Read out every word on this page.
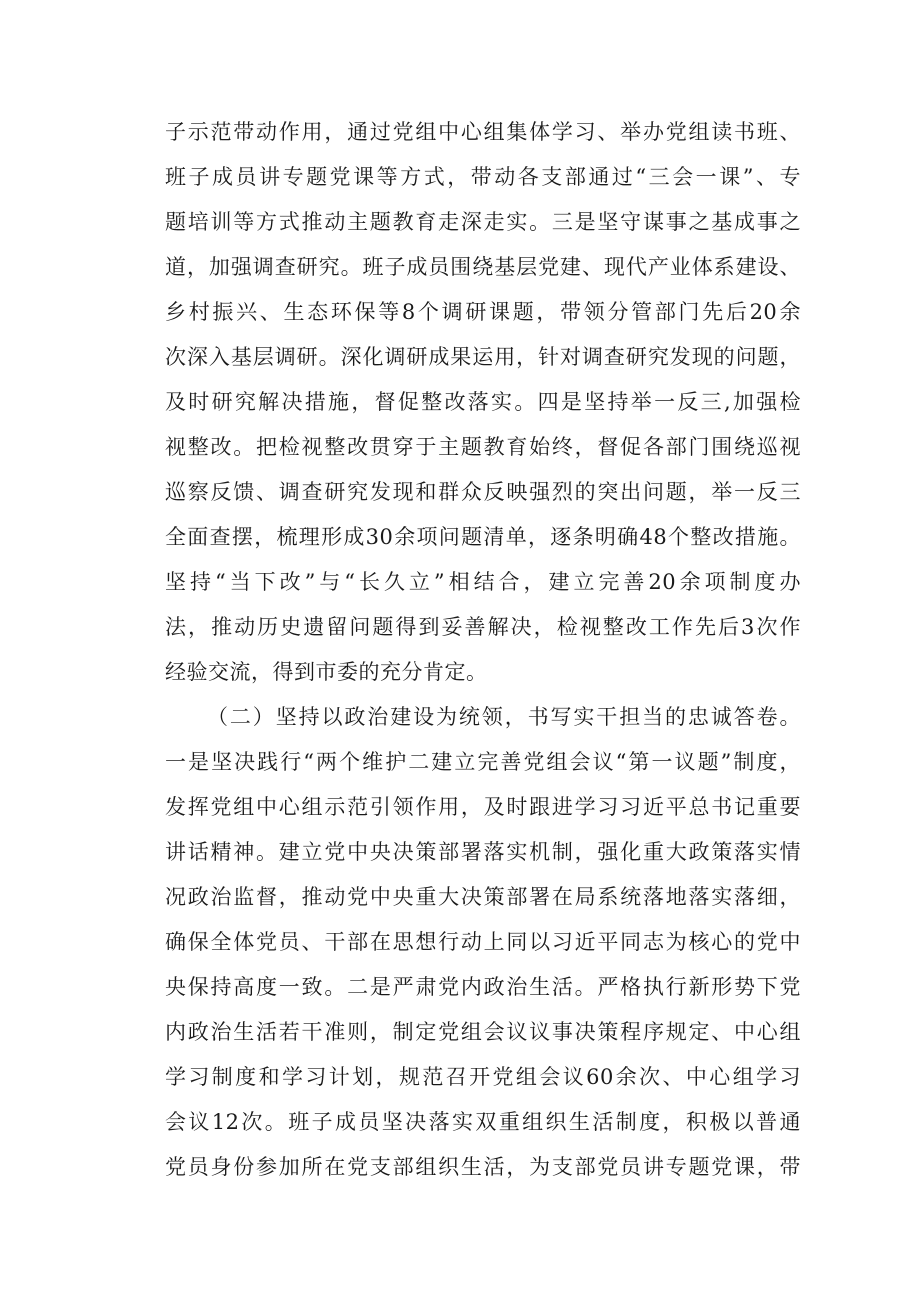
子示范带动作用，通过党组中心组集体学习、举办党组读书班、
班子成员讲专题党课等方式，带动各支部通过“三会一课”、专
题培训等方式推动主题教育走深走实。三是坚守谋事之基成事之
道，加强调查研究。班子成员围绕基层党建、现代产业体系建设、
乡村振兴、生态环保等8个调研课题，带领分管部门先后20余
次深入基层调研。深化调研成果运用，针对调查研究发现的问题，
及时研究解决措施，督促整改落实。四是坚持举一反三,加强检
视整改。把检视整改贯穿于主题教育始终，督促各部门围绕巡视
巡察反馈、调查研究发现和群众反映强烈的突出问题，举一反三
全面查摆，梳理形成30余项问题清单，逐条明确48个整改措施。
坚持“当下改”与“长久立”相结合，建立完善20余项制度办
法，推动历史遗留问题得到妥善解决，检视整改工作先后3次作
经验交流，得到市委的充分肯定。
（二）坚持以政治建设为统领，书写实干担当的忠诚答卷。
一是坚决践行“两个维护二建立完善党组会议“第一议题”制度，
发挥党组中心组示范引领作用，及时跟进学习习近平总书记重要
讲话精神。建立党中央决策部署落实机制，强化重大政策落实情
况政治监督，推动党中央重大决策部署在局系统落地落实落细，
确保全体党员、干部在思想行动上同以习近平同志为核心的党中
央保持高度一致。二是严肃党内政治生活。严格执行新形势下党
内政治生活若干准则，制定党组会议议事决策程序规定、中心组
学习制度和学习计划，规范召开党组会议60余次、中心组学习
会议12次。班子成员坚决落实双重组织生活制度，积极以普通
党员身份参加所在党支部组织生活，为支部党员讲专题党课，带
